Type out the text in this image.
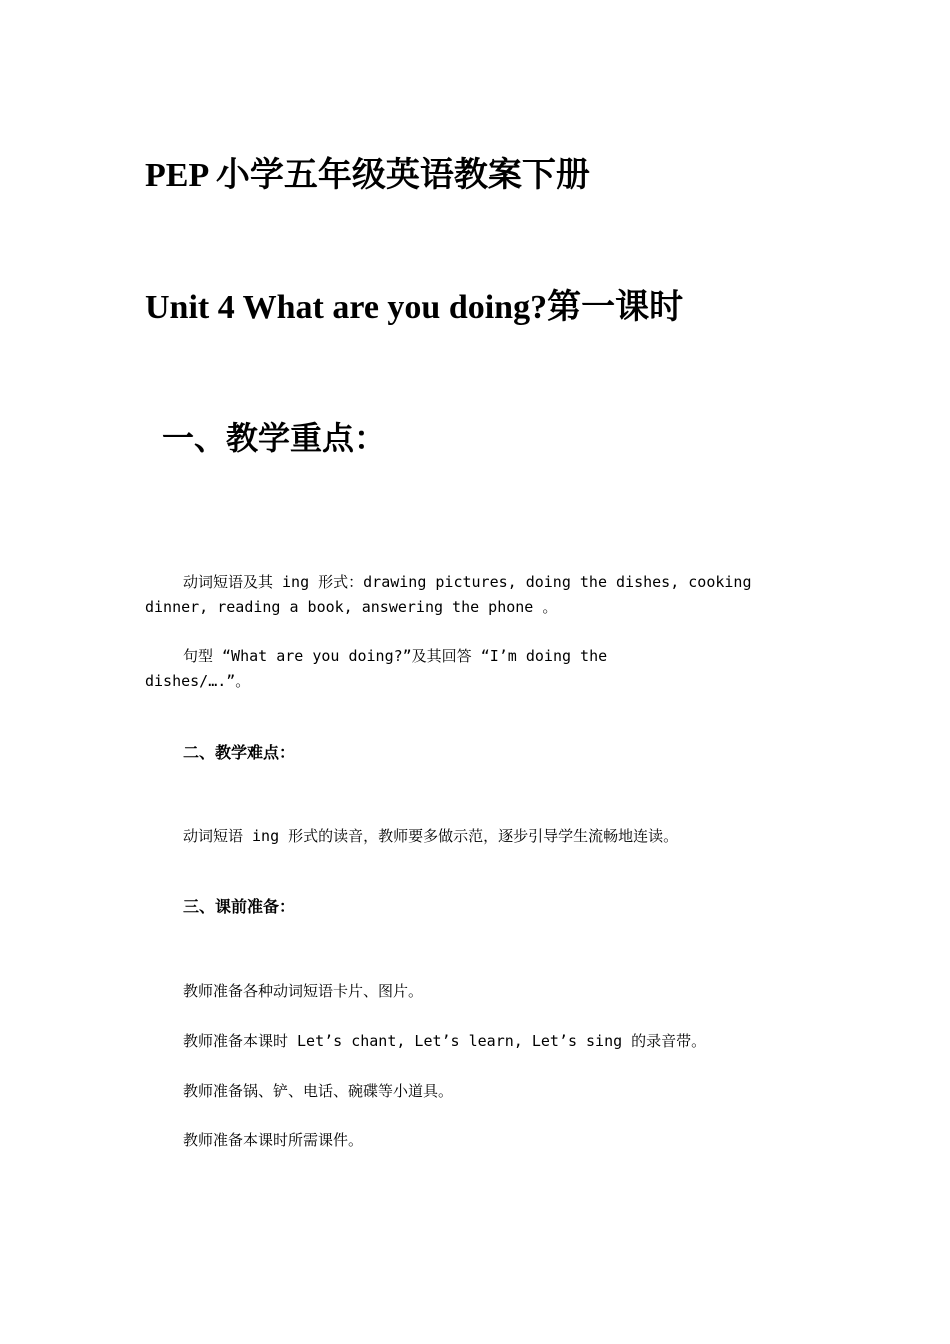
PEP 小学五年级英语教案下册
Unit 4 What are you doing?第一课时
一、教学重点：

动词短语及其 ing 形式：drawing pictures, doing the dishes, cooking dinner, reading a book, answering the phone 。

句型 “What are you doing?”及其回答 “I’m doing the dishes/….”。

二、教学难点：

动词短语 ing 形式的读音，教师要多做示范，逐步引导学生流畅地连读。

三、课前准备：

教师准备各种动词短语卡片、图片。

教师准备本课时 Let’s chant, Let’s learn, Let’s sing 的录音带。

教师准备锅、铲、电话、碗碟等小道具。

教师准备本课时所需课件。
